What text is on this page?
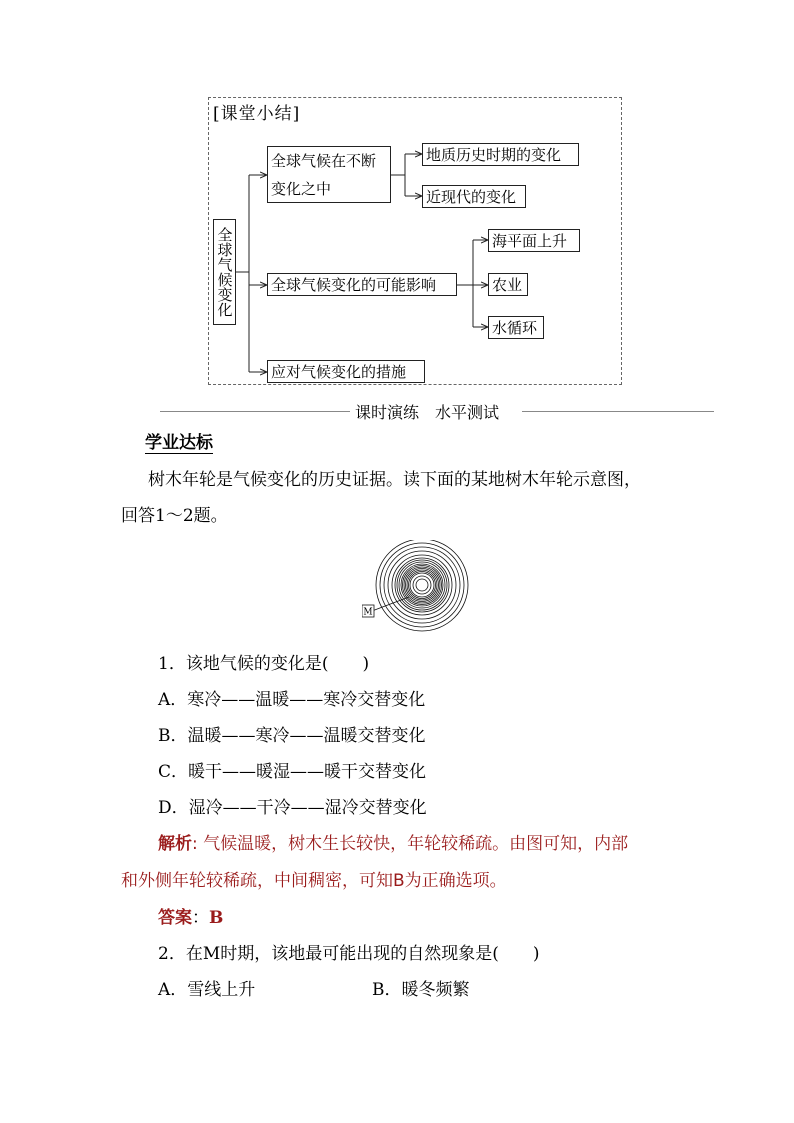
[课堂小结]
全球气候变化
全球气候在不断
变化之中
全球气候变化的可能影响
应对气候变化的措施
地质历史时期的变化
近现代的变化
海平面上升
农业
水循环
课时演练　水平测试
学业达标
树木年轮是气候变化的历史证据。读下面的某地树木年轮示意图，
回答1～2题。
M
1．该地气候的变化是(　　)
A．寒冷——温暖——寒冷交替变化
B．温暖——寒冷——温暖交替变化
C．暖干——暖湿——暖干交替变化
D．湿冷——干冷——湿冷交替变化
解析: 气候温暖，树木生长较快，年轮较稀疏。由图可知，内部
和外侧年轮较稀疏，中间稠密，可知B为正确选项。
答案：B
2．在M时期，该地最可能出现的自然现象是(　　)
A．雪线上升	B．暖冬频繁
